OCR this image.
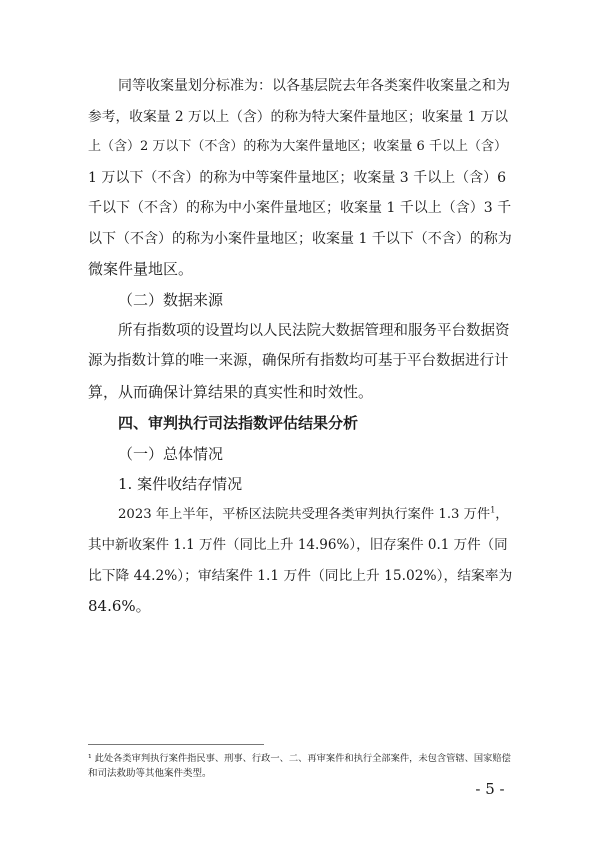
同等收案量划分标准为：以各基层院去年各类案件收案量之和为

参考，收案量 2 万以上（含）的称为特大案件量地区；收案量 1 万以

上（含）2 万以下（不含）的称为大案件量地区；收案量 6 千以上（含）

1 万以下（不含）的称为中等案件量地区；收案量 3 千以上（含）6

千以下（不含）的称为中小案件量地区；收案量 1 千以上（含）3 千

以下（不含）的称为小案件量地区；收案量 1 千以下（不含）的称为

微案件量地区。

（二）数据来源

所有指数项的设置均以人民法院大数据管理和服务平台数据资

源为指数计算的唯一来源，确保所有指数均可基于平台数据进行计

算，从而确保计算结果的真实性和时效性。

四、审判执行司法指数评估结果分析

（一）总体情况

1. 案件收结存情况

2023 年上半年，平桥区法院共受理各类审判执行案件 1.3 万件$^1$，

其中新收案件 1.1 万件（同比上升 14.96%），旧存案件 0.1 万件（同

比下降 44.2%）；审结案件 1.1 万件（同比上升 15.02%），结案率为

84.6%。

¹ 此处各类审判执行案件指民事、刑事、行政一、二、再审案件和执行全部案件，未包含管辖、国家赔偿

和司法救助等其他案件类型。

- 5 -
